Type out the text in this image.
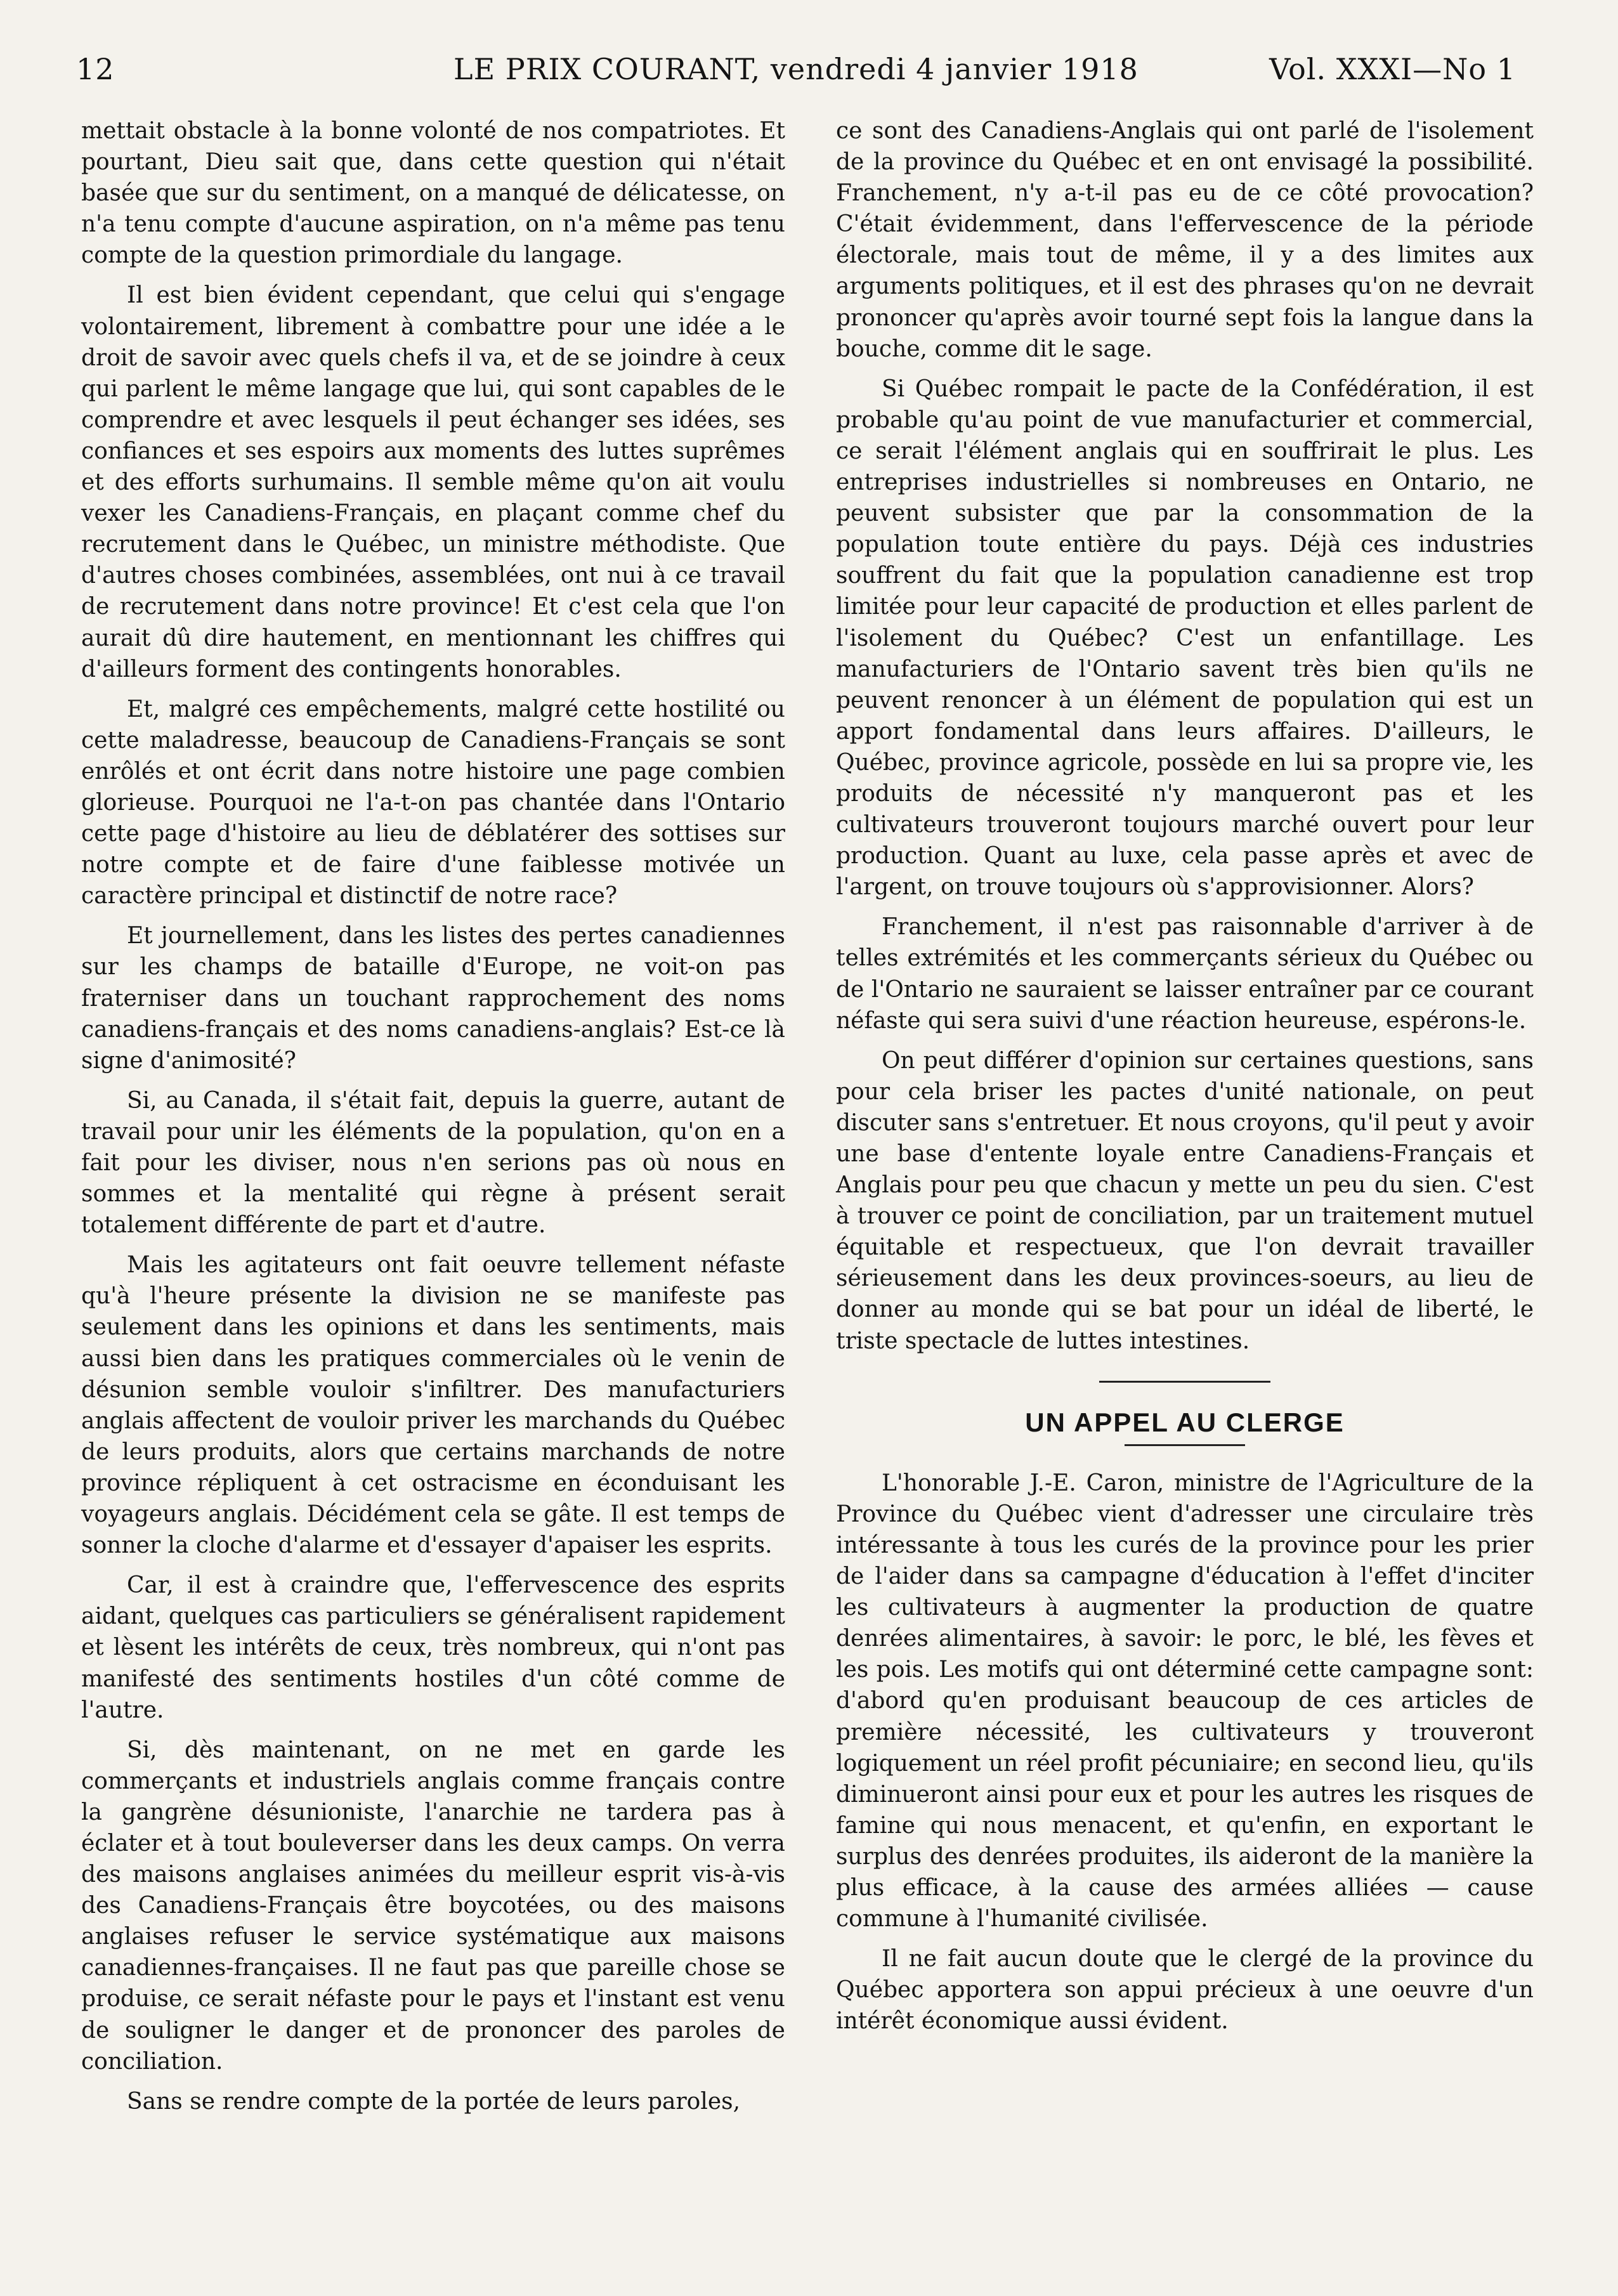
12	LE PRIX COURANT, vendredi 4 janvier 1918	Vol. XXXI—No 1

mettait obstacle à la bonne volonté de nos compatriotes. Et pourtant, Dieu sait que, dans cette question qui n'était basée que sur du sentiment, on a manqué de délicatesse, on n'a tenu compte d'aucune aspiration, on n'a même pas tenu compte de la question primordiale du langage.

Il est bien évident cependant, que celui qui s'engage volontairement, librement à combattre pour une idée a le droit de savoir avec quels chefs il va, et de se joindre à ceux qui parlent le même langage que lui, qui sont capables de le comprendre et avec lesquels il peut échanger ses idées, ses confiances et ses espoirs aux moments des luttes suprêmes et des efforts surhumains. Il semble même qu'on ait voulu vexer les Canadiens-Français, en plaçant comme chef du recrutement dans le Québec, un ministre méthodiste. Que d'autres choses combinées, assemblées, ont nui à ce travail de recrutement dans notre province! Et c'est cela que l'on aurait dû dire hautement, en mentionnant les chiffres qui d'ailleurs forment des contingents honorables.

Et, malgré ces empêchements, malgré cette hostilité ou cette maladresse, beaucoup de Canadiens-Français se sont enrôlés et ont écrit dans notre histoire une page combien glorieuse. Pourquoi ne l'a-t-on pas chantée dans l'Ontario cette page d'histoire au lieu de déblatérer des sottises sur notre compte et de faire d'une faiblesse motivée un caractère principal et distinctif de notre race?

Et journellement, dans les listes des pertes canadiennes sur les champs de bataille d'Europe, ne voit-on pas fraterniser dans un touchant rapprochement des noms canadiens-français et des noms canadiens-anglais? Est-ce là signe d'animosité?

Si, au Canada, il s'était fait, depuis la guerre, autant de travail pour unir les éléments de la population, qu'on en a fait pour les diviser, nous n'en serions pas où nous en sommes et la mentalité qui règne à présent serait totalement différente de part et d'autre.

Mais les agitateurs ont fait oeuvre tellement néfaste qu'à l'heure présente la division ne se manifeste pas seulement dans les opinions et dans les sentiments, mais aussi bien dans les pratiques commerciales où le venin de désunion semble vouloir s'infiltrer. Des manufacturiers anglais affectent de vouloir priver les marchands du Québec de leurs produits, alors que certains marchands de notre province répliquent à cet ostracisme en éconduisant les voyageurs anglais. Décidément cela se gâte. Il est temps de sonner la cloche d'alarme et d'essayer d'apaiser les esprits.

Car, il est à craindre que, l'effervescence des esprits aidant, quelques cas particuliers se généralisent rapidement et lèsent les intérêts de ceux, très nombreux, qui n'ont pas manifesté des sentiments hostiles d'un côté comme de l'autre.

Si, dès maintenant, on ne met en garde les commerçants et industriels anglais comme français contre la gangrène désunioniste, l'anarchie ne tardera pas à éclater et à tout bouleverser dans les deux camps. On verra des maisons anglaises animées du meilleur esprit vis-à-vis des Canadiens-Français être boycotées, ou des maisons anglaises refuser le service systématique aux maisons canadiennes-françaises. Il ne faut pas que pareille chose se produise, ce serait néfaste pour le pays et l'instant est venu de souligner le danger et de prononcer des paroles de conciliation.

Sans se rendre compte de la portée de leurs paroles,

ce sont des Canadiens-Anglais qui ont parlé de l'isolement de la province du Québec et en ont envisagé la possibilité. Franchement, n'y a-t-il pas eu de ce côté provocation? C'était évidemment, dans l'effervescence de la période électorale, mais tout de même, il y a des limites aux arguments politiques, et il est des phrases qu'on ne devrait prononcer qu'après avoir tourné sept fois la langue dans la bouche, comme dit le sage.

Si Québec rompait le pacte de la Confédération, il est probable qu'au point de vue manufacturier et commercial, ce serait l'élément anglais qui en souffrirait le plus. Les entreprises industrielles si nombreuses en Ontario, ne peuvent subsister que par la consommation de la population toute entière du pays. Déjà ces industries souffrent du fait que la population canadienne est trop limitée pour leur capacité de production et elles parlent de l'isolement du Québec? C'est un enfantillage. Les manufacturiers de l'Ontario savent très bien qu'ils ne peuvent renoncer à un élément de population qui est un apport fondamental dans leurs affaires. D'ailleurs, le Québec, province agricole, possède en lui sa propre vie, les produits de nécessité n'y manqueront pas et les cultivateurs trouveront toujours marché ouvert pour leur production. Quant au luxe, cela passe après et avec de l'argent, on trouve toujours où s'approvisionner. Alors?

Franchement, il n'est pas raisonnable d'arriver à de telles extrémités et les commerçants sérieux du Québec ou de l'Ontario ne sauraient se laisser entraîner par ce courant néfaste qui sera suivi d'une réaction heureuse, espérons-le.

On peut différer d'opinion sur certaines questions, sans pour cela briser les pactes d'unité nationale, on peut discuter sans s'entretuer. Et nous croyons, qu'il peut y avoir une base d'entente loyale entre Canadiens-Français et Anglais pour peu que chacun y mette un peu du sien. C'est à trouver ce point de conciliation, par un traitement mutuel équitable et respectueux, que l'on devrait travailler sérieusement dans les deux provinces-soeurs, au lieu de donner au monde qui se bat pour un idéal de liberté, le triste spectacle de luttes intestines.

UN APPEL AU CLERGE

L'honorable J.-E. Caron, ministre de l'Agriculture de la Province du Québec vient d'adresser une circulaire très intéressante à tous les curés de la province pour les prier de l'aider dans sa campagne d'éducation à l'effet d'inciter les cultivateurs à augmenter la production de quatre denrées alimentaires, à savoir: le porc, le blé, les fèves et les pois. Les motifs qui ont déterminé cette campagne sont: d'abord qu'en produisant beaucoup de ces articles de première nécessité, les cultivateurs y trouveront logiquement un réel profit pécuniaire; en second lieu, qu'ils diminueront ainsi pour eux et pour les autres les risques de famine qui nous menacent, et qu'enfin, en exportant le surplus des denrées produites, ils aideront de la manière la plus efficace, à la cause des armées alliées — cause commune à l'humanité civilisée.

Il ne fait aucun doute que le clergé de la province du Québec apportera son appui précieux à une oeuvre d'un intérêt économique aussi évident.
